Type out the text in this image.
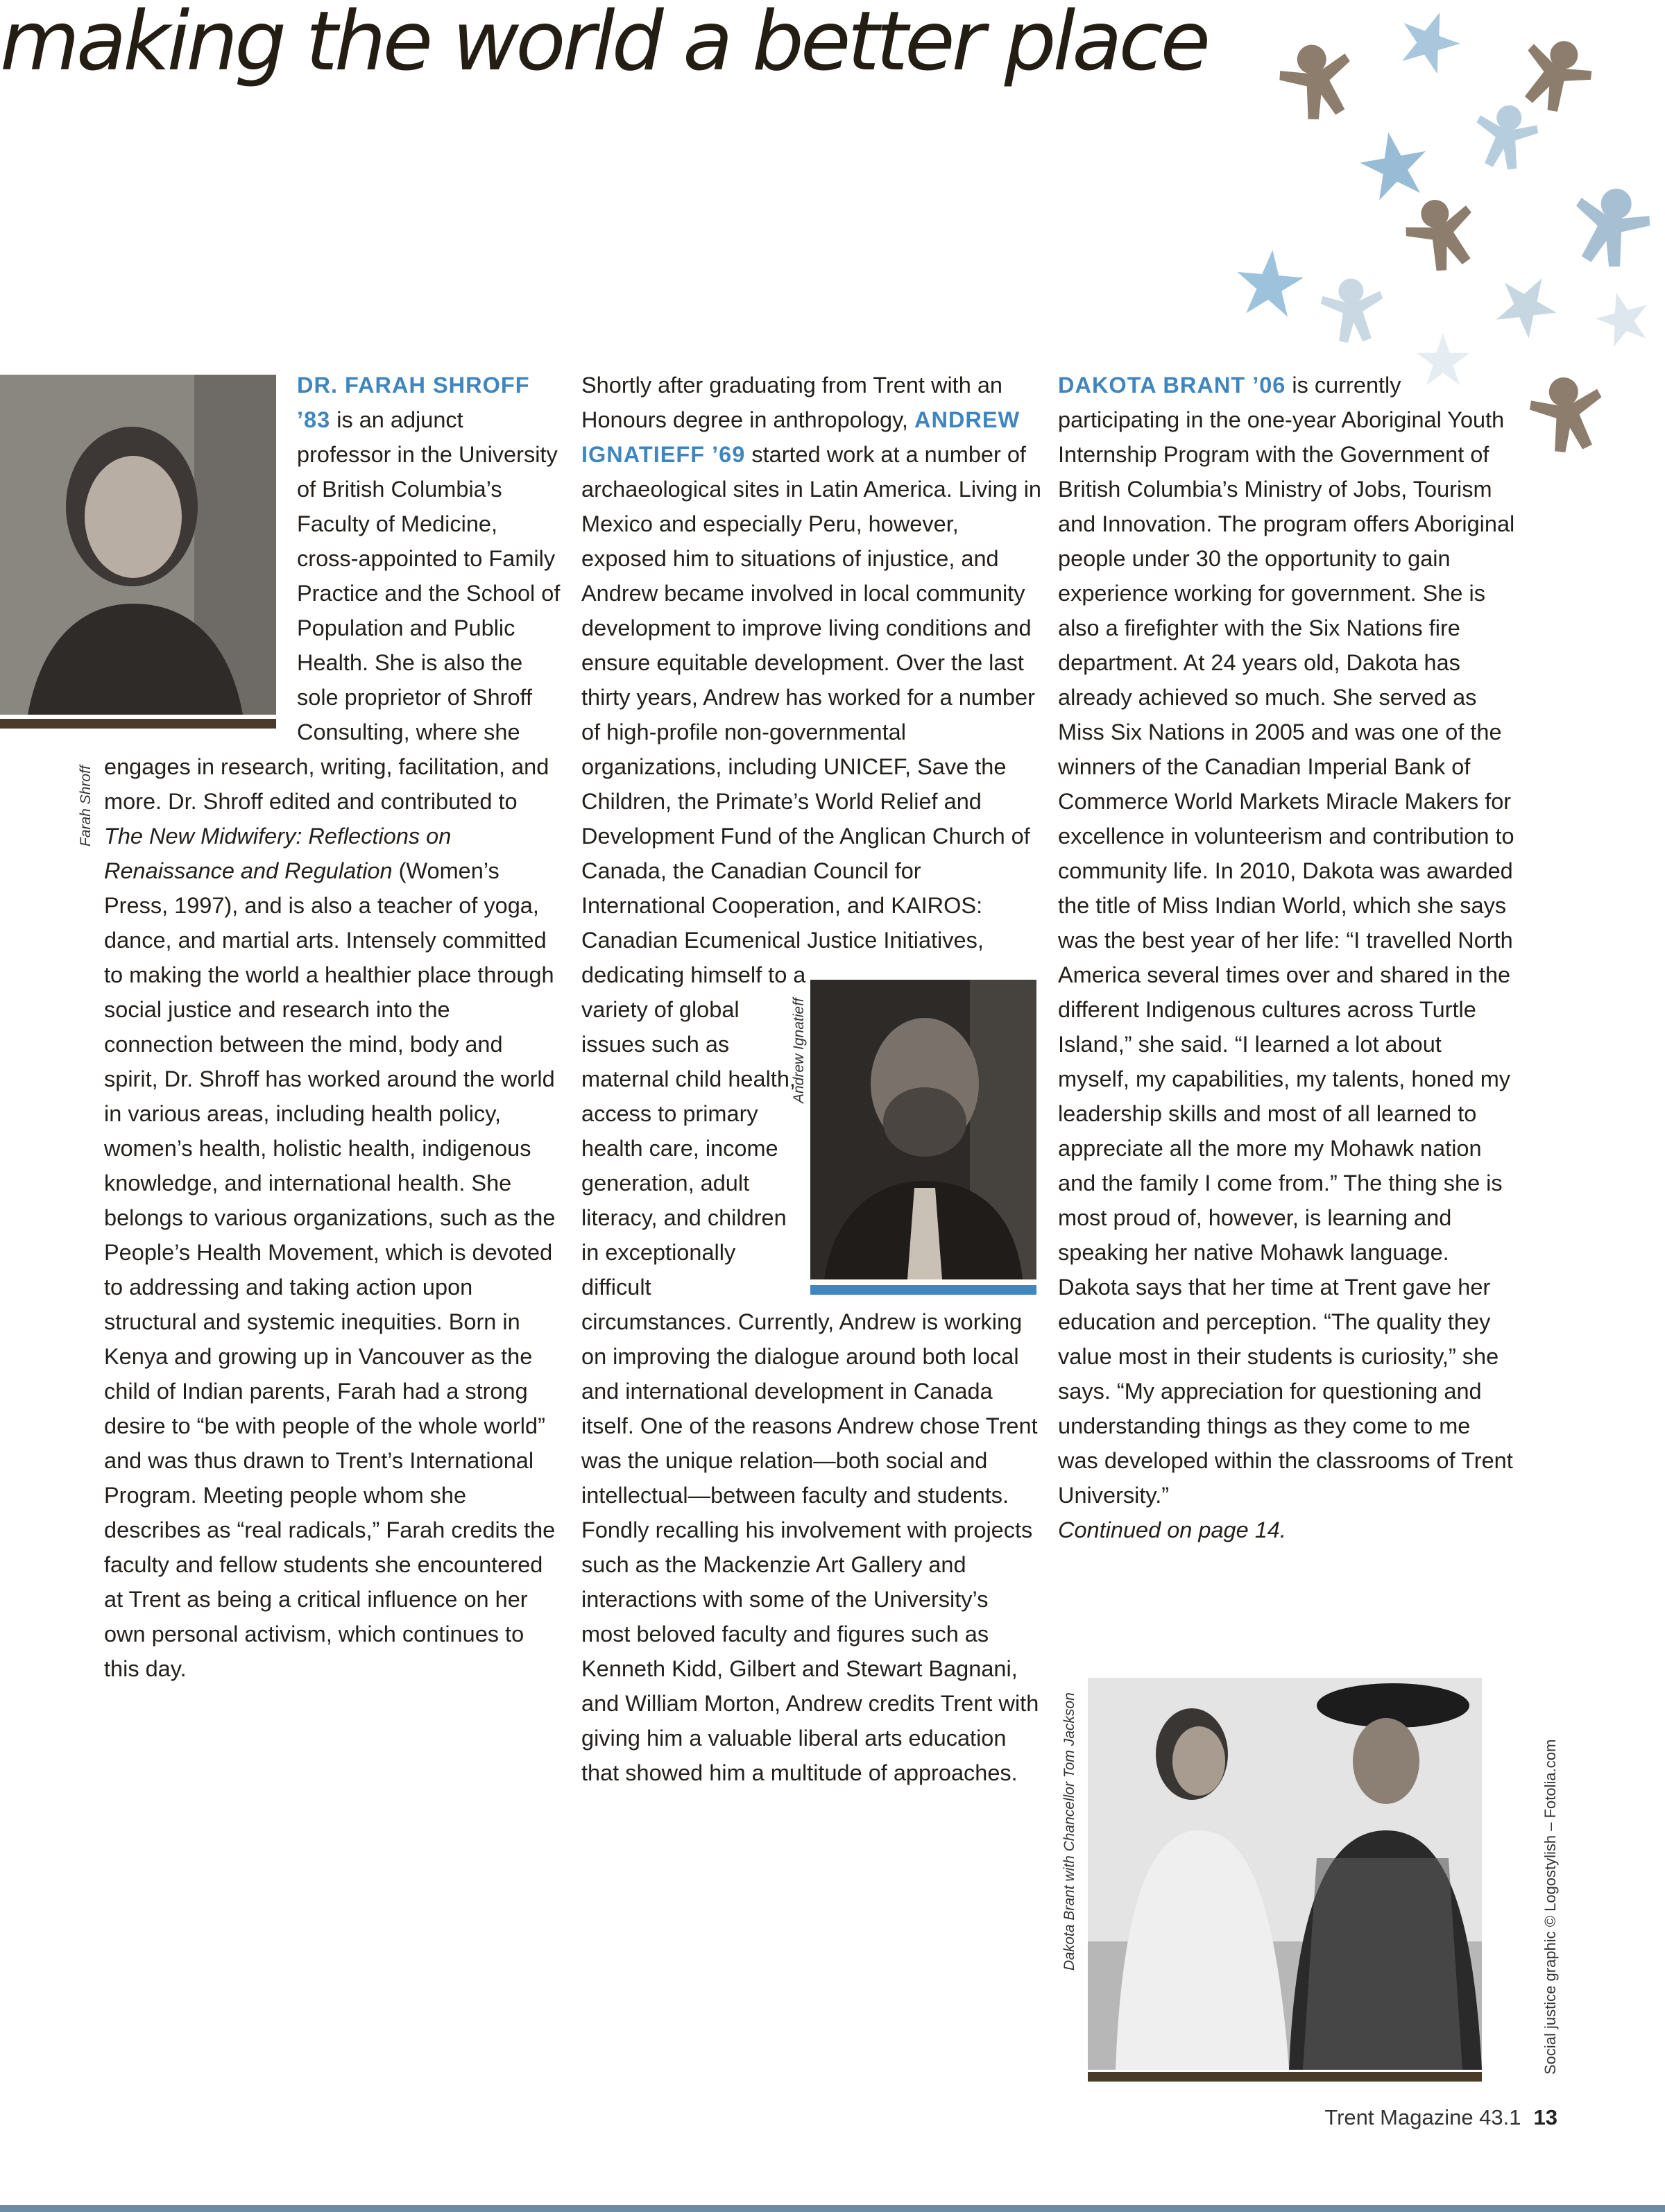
making the world a better place
Farah Shroff
DR. FARAH SHROFF ’83 is an adjunct professor in the University of British Columbia’s Faculty of Medicine, cross-appointed to Family Practice and the School of Population and Public Health. She is also the sole proprietor of Shroff Consulting, where she engages in research, writing, facilitation, and more. Dr. Shroff edited and contributed to The New Midwifery: Reflections on Renaissance and Regulation (Women’s Press, 1997), and is also a teacher of yoga, dance, and martial arts. Intensely committed to making the world a healthier place through social justice and research into the connection between the mind, body and spirit, Dr. Shroff has worked around the world in various areas, including health policy, women’s health, holistic health, indigenous knowledge, and international health. She belongs to various organizations, such as the People’s Health Movement, which is devoted to addressing and taking action upon structural and systemic inequities. Born in Kenya and growing up in Vancouver as the child of Indian parents, Farah had a strong desire to “be with people of the whole world” and was thus drawn to Trent’s International Program. Meeting people whom she describes as “real radicals,” Farah credits the faculty and fellow students she encountered at Trent as being a critical influence on her own personal activism, which continues to this day.
Andrew Ignatieff
Shortly after graduating from Trent with an Honours degree in anthropology, ANDREW IGNATIEFF ’69 started work at a number of archaeological sites in Latin America. Living in Mexico and especially Peru, however, exposed him to situations of injustice, and Andrew became involved in local community development to improve living conditions and ensure equitable development. Over the last thirty years, Andrew has worked for a number of high-profile non-governmental organizations, including UNICEF, Save the Children, the Primate’s World Relief and Development Fund of the Anglican Church of Canada, the Canadian Council for International Cooperation, and KAIROS: Canadian Ecumenical Justice Initiatives, dedicating himself to a variety of global issues such as maternal child health, access to primary health care, income generation, adult literacy, and children in exceptionally difficult circumstances. Currently, Andrew is working on improving the dialogue around both local and international development in Canada itself. One of the reasons Andrew chose Trent was the unique relation—both social and intellectual—between faculty and students. Fondly recalling his involvement with projects such as the Mackenzie Art Gallery and interactions with some of the University’s most beloved faculty and figures such as Kenneth Kidd, Gilbert and Stewart Bagnani, and William Morton, Andrew credits Trent with giving him a valuable liberal arts education that showed him a multitude of approaches.
DAKOTA BRANT ’06 is currently participating in the one-year Aboriginal Youth Internship Program with the Government of British Columbia’s Ministry of Jobs, Tourism and Innovation. The program offers Aboriginal people under 30 the opportunity to gain experience working for government. She is also a firefighter with the Six Nations fire department. At 24 years old, Dakota has already achieved so much. She served as Miss Six Nations in 2005 and was one of the winners of the Canadian Imperial Bank of Commerce World Markets Miracle Makers for excellence in volunteerism and contribution to community life. In 2010, Dakota was awarded the title of Miss Indian World, which she says was the best year of her life: “I travelled North America several times over and shared in the different Indigenous cultures across Turtle Island,” she said. “I learned a lot about myself, my capabilities, my talents, honed my leadership skills and most of all learned to appreciate all the more my Mohawk nation and the family I come from.” The thing she is most proud of, however, is learning and speaking her native Mohawk language. Dakota says that her time at Trent gave her education and perception. “The quality they value most in their students is curiosity,” she says. “My appreciation for questioning and understanding things as they come to me was developed within the classrooms of Trent University.”
Continued on page 14.
Dakota Brant with Chancellor Tom Jackson	Social justice graphic © Logostylish – Fotolia.com
Trent Magazine 43.1 13
